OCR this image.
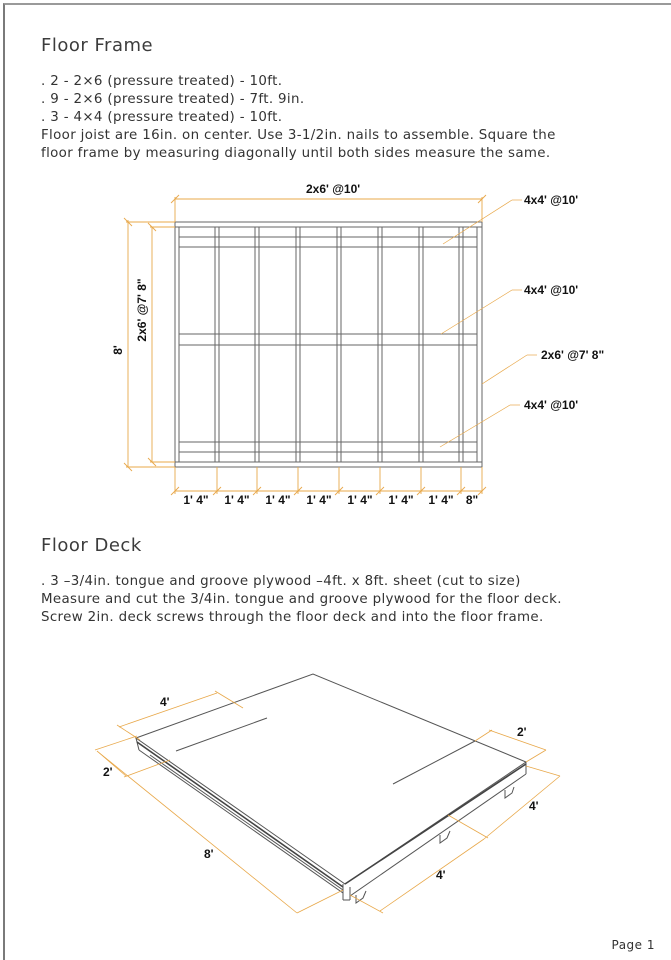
Floor Frame
. 2 - 2×6 (pressure treated) - 10ft.
. 9 - 2×6 (pressure treated) - 7ft. 9in.
. 3 - 4×4 (pressure treated) - 10ft.
Floor joist are 16in. on center. Use 3-1/2in. nails to assemble. Square the
floor frame by measuring diagonally until both sides measure the same.
2x6' @10'
8'
2x6' @7' 8"
4x4' @10'
4x4' @10'
2x6' @7' 8"
4x4' @10'
1' 4" 1' 4" 1' 4" 1' 4" 1' 4" 1' 4" 1' 4" 8"
4'
2'
8'
2'
4'
4'
Floor Deck
. 3 –3/4in. tongue and groove plywood –4ft. x 8ft. sheet (cut to size)
Measure and cut the 3/4in. tongue and groove plywood for the floor deck.
Screw 2in. deck screws through the floor deck and into the floor frame.
Page 1
